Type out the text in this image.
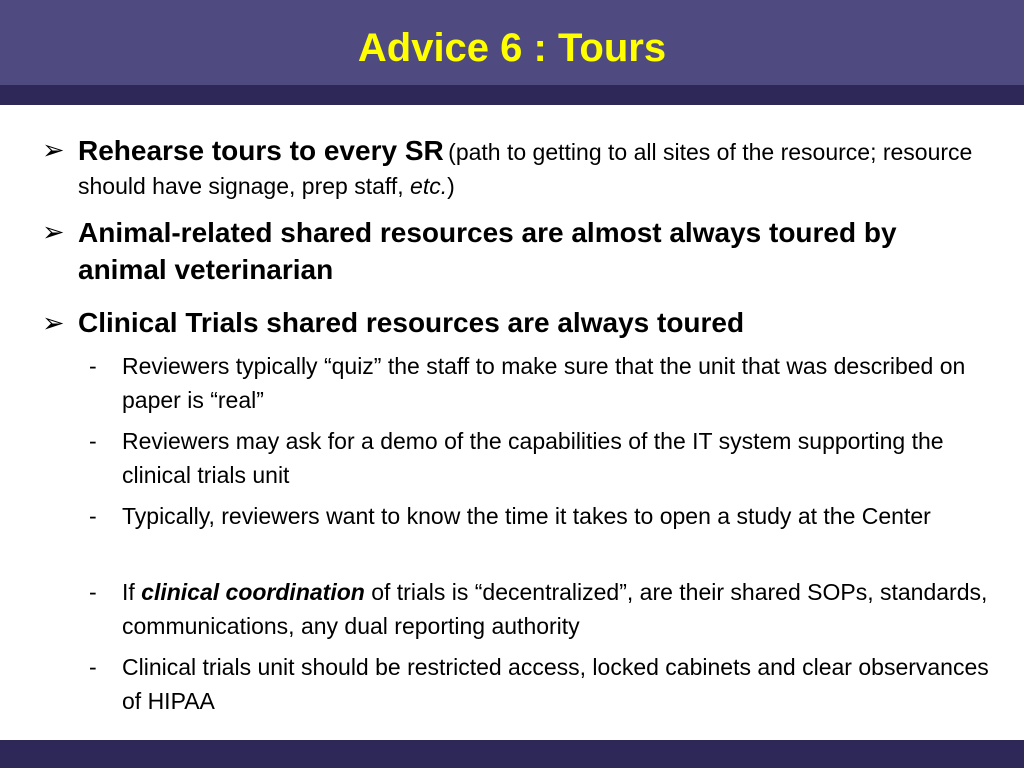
Advice 6 : Tours
➢ Rehearse tours to every SR (path to getting to all sites of the resource; resource should have signage, prep staff, etc.)
➢ Animal-related shared resources are almost always toured by animal veterinarian
➢ Clinical Trials shared resources are always toured
- Reviewers typically “quiz” the staff to make sure that the unit that was described on paper is “real”
- Reviewers may ask for a demo of the capabilities of the IT system supporting the clinical trials unit
- Typically, reviewers want to know the time it takes to open a study at the Center
- If clinical coordination of trials is “decentralized”, are their shared SOPs, standards, communications, any dual reporting authority
- Clinical trials unit should be restricted access, locked cabinets and clear observances of HIPAA
